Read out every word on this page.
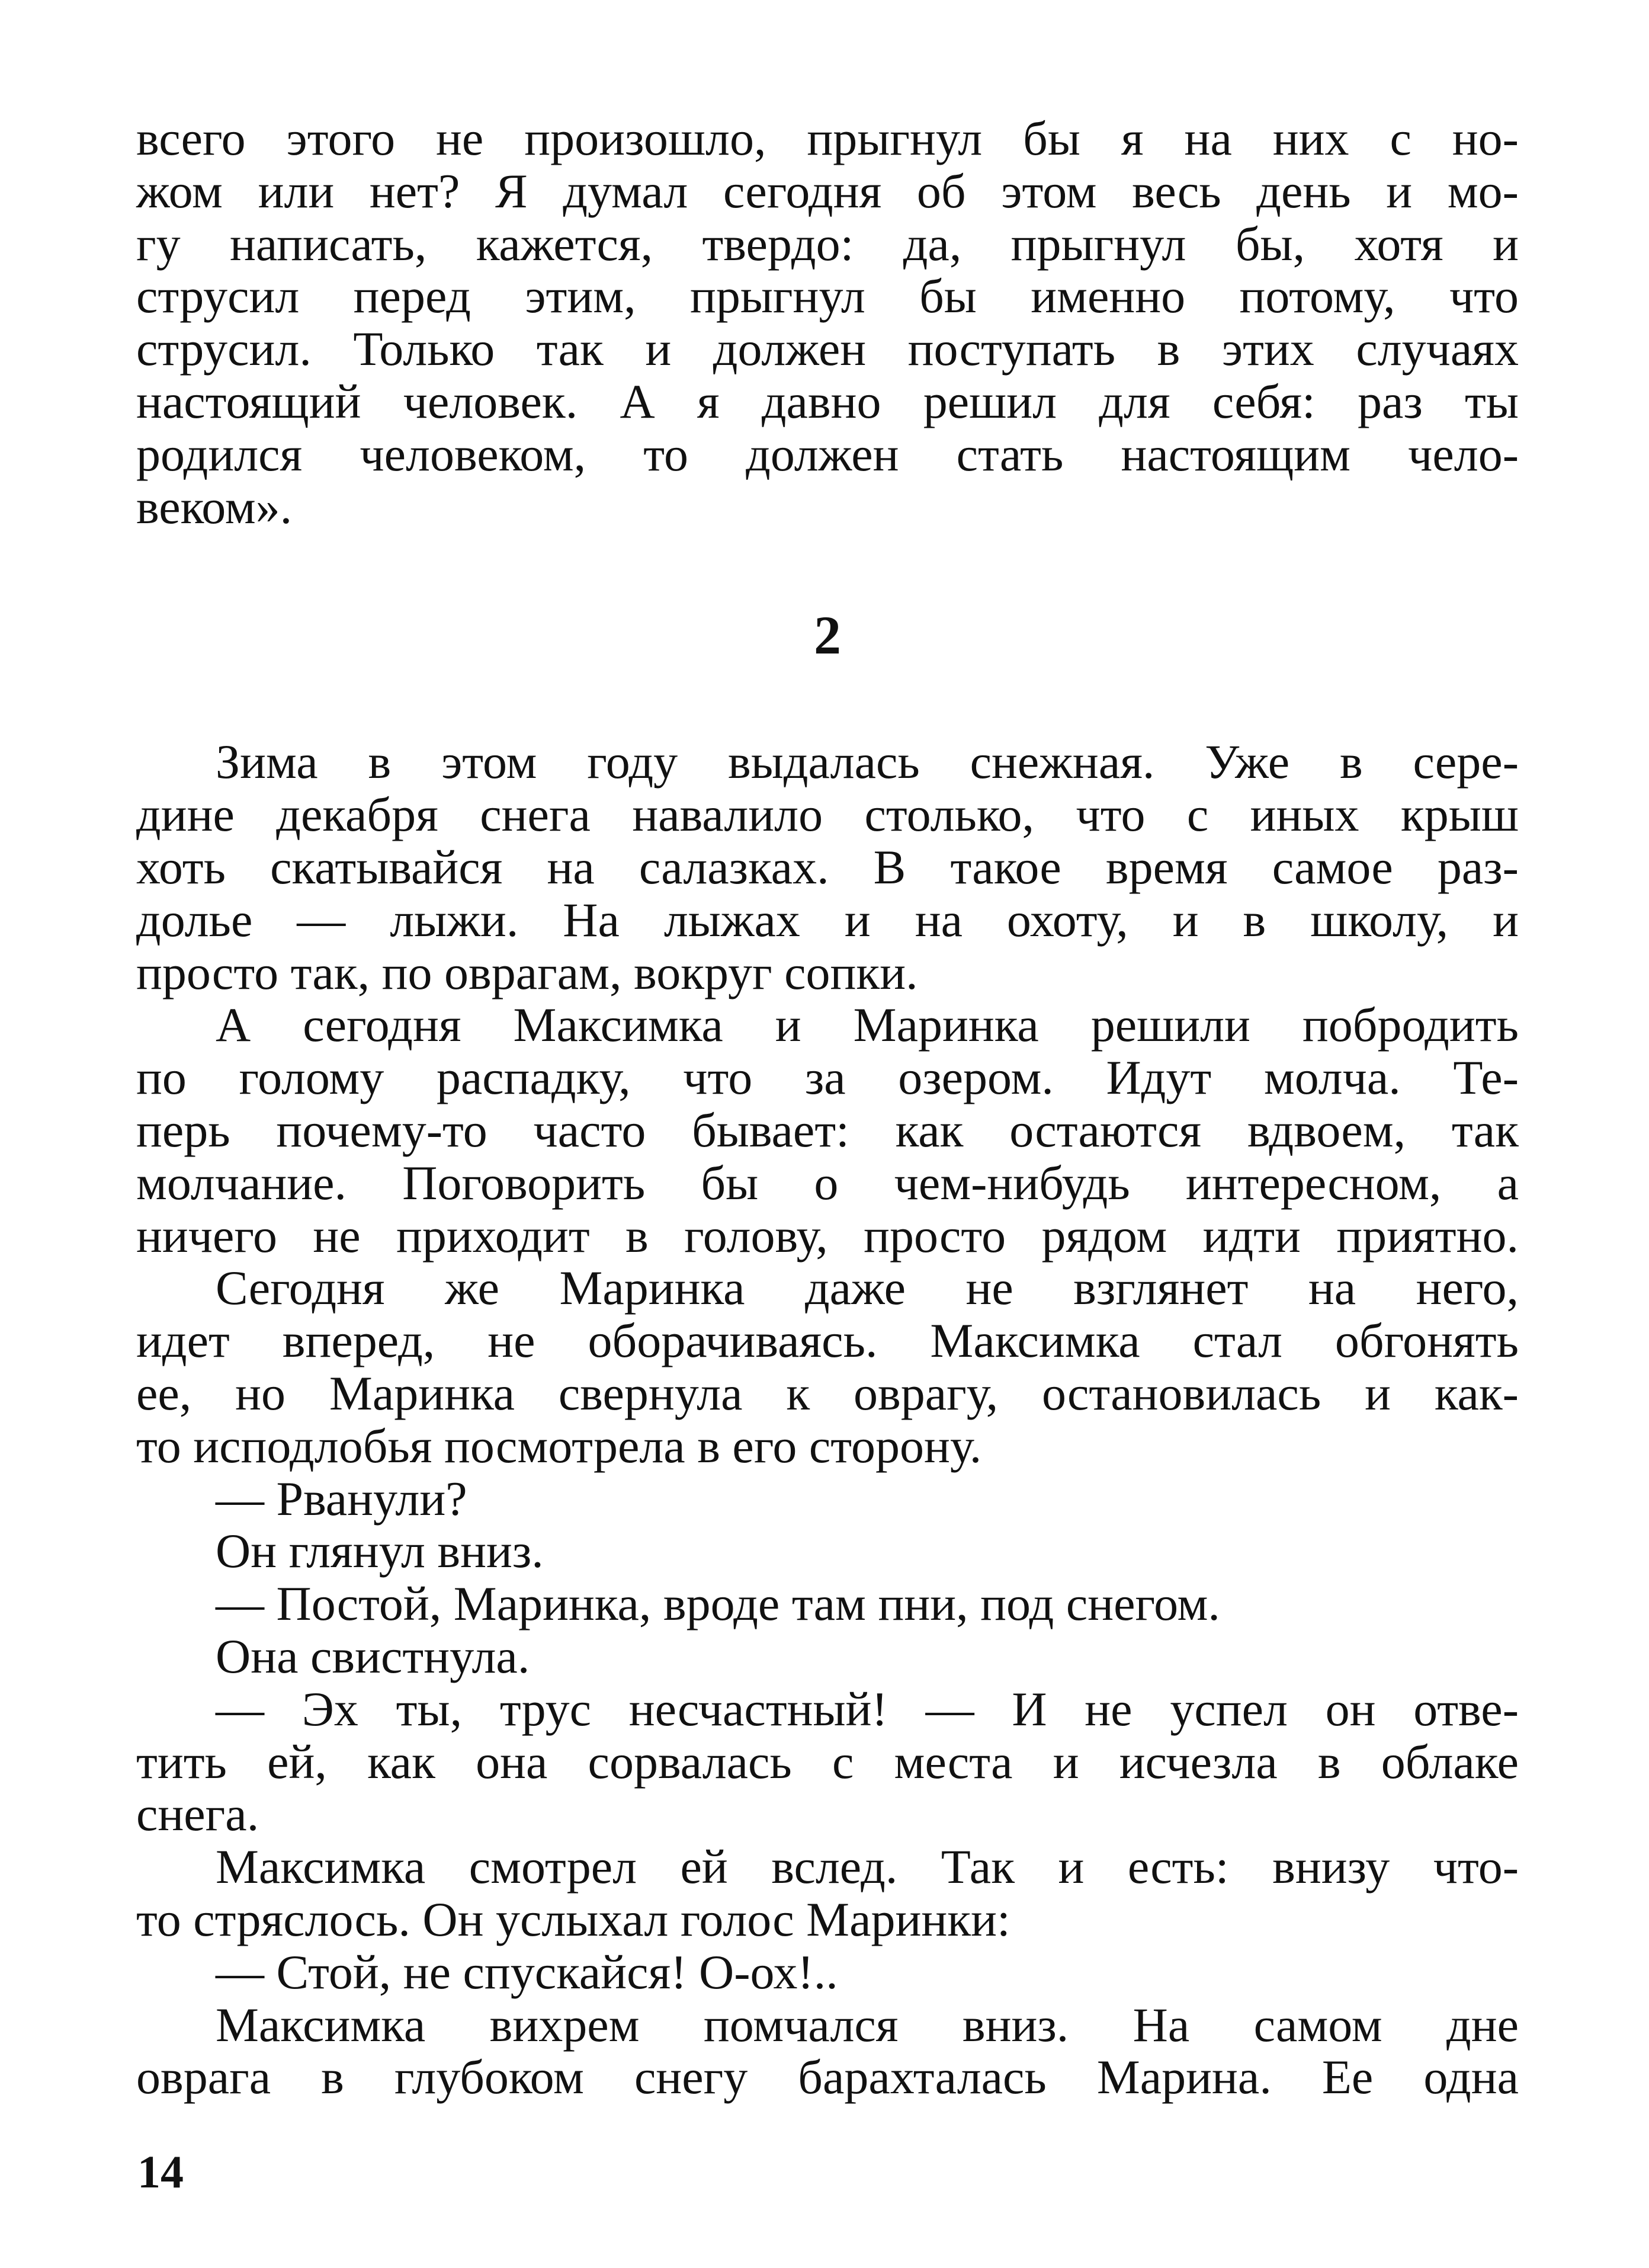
всего этого не произошло, прыгнул бы я на них с но-
жом или нет? Я думал сегодня об этом весь день и мо-
гу написать, кажется, твердо: да, прыгнул бы, хотя и
струсил перед этим, прыгнул бы именно потому, что
струсил. Только так и должен поступать в этих случаях
настоящий человек. А я давно решил для себя: раз ты
родился человеком, то должен стать настоящим чело-
веком».

2

Зима в этом году выдалась снежная. Уже в сере-
дине декабря снега навалило столько, что с иных крыш
хоть скатывайся на салазках. В такое время самое раз-
долье — лыжи. На лыжах и на охоту, и в школу, и
просто так, по оврагам, вокруг сопки.

А сегодня Максимка и Маринка решили побродить
по голому распадку, что за озером. Идут молча. Те-
перь почему-то часто бывает: как остаются вдвоем, так
молчание. Поговорить бы о чем-нибудь интересном, а
ничего не приходит в голову, просто рядом идти приятно.

Сегодня же Маринка даже не взглянет на него,
идет вперед, не оборачиваясь. Максимка стал обгонять
ее, но Маринка свернула к оврагу, остановилась и как-
то исподлобья посмотрела в его сторону.

— Рванули?

Он глянул вниз.

— Постой, Маринка, вроде там пни, под снегом.

Она свистнула.

— Эх ты, трус несчастный! — И не успел он отве-
тить ей, как она сорвалась с места и исчезла в облаке
снега.

Максимка смотрел ей вслед. Так и есть: внизу что-
то стряслось. Он услыхал голос Маринки:

— Стой, не спускайся! О-ох!..

Максимка вихрем помчался вниз. На самом дне
оврага в глубоком снегу барахталась Марина. Ее одна

14
